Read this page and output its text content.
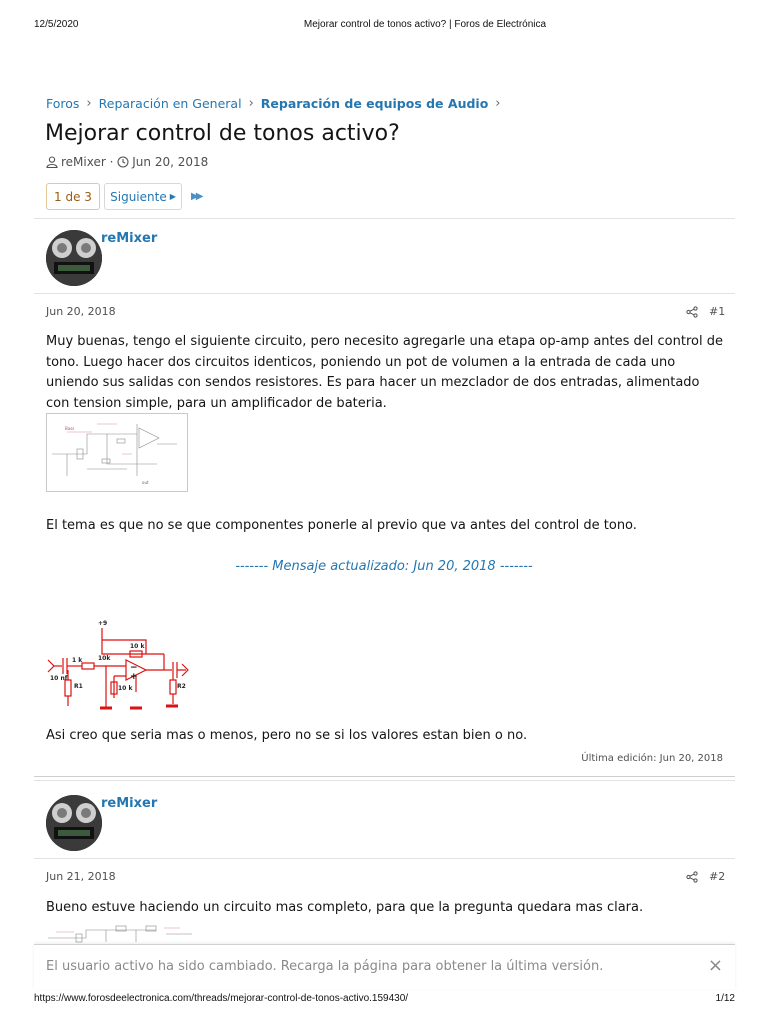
12/5/2020	Mejorar control de tonos activo? | Foros de Electrónica
Foros › Reparación en General › Reparación de equipos de Audio ›
Mejorar control de tonos activo?
reMixer · Jun 20, 2018
1 de 3	Siguiente ▶ ▶▶
reMixer
Jun 20, 2018	#1
Muy buenas, tengo el siguiente circuito, pero necesito agregarle una etapa op-amp antes del control de tono. Luego hacer dos circuitos identicos, poniendo un pot de volumen a la entrada de cada uno uniendo sus salidas con sendos resistores. Es para hacer un mezclador de dos entradas, alimentado con tension simple, para un amplificador de bateria.
Bass
out
El tema es que no se que componentes ponerle al previo que va antes del control de tono.
------- Mensaje actualizado: Jun 20, 2018 -------
+9
10 nf
1 k
10 k
10 k
10k
R1	R2
−
+
Asi creo que seria mas o menos, pero no se si los valores estan bien o no.
Última edición: Jun 20, 2018
reMixer
Jun 21, 2018	#2
Bueno estuve haciendo un circuito mas completo, para que la pregunta quedara mas clara.
El usuario activo ha sido cambiado. Recarga la página para obtener la última versión.	×
https://www.forosdeelectronica.com/threads/mejorar-control-de-tonos-activo.159430/	1/12
